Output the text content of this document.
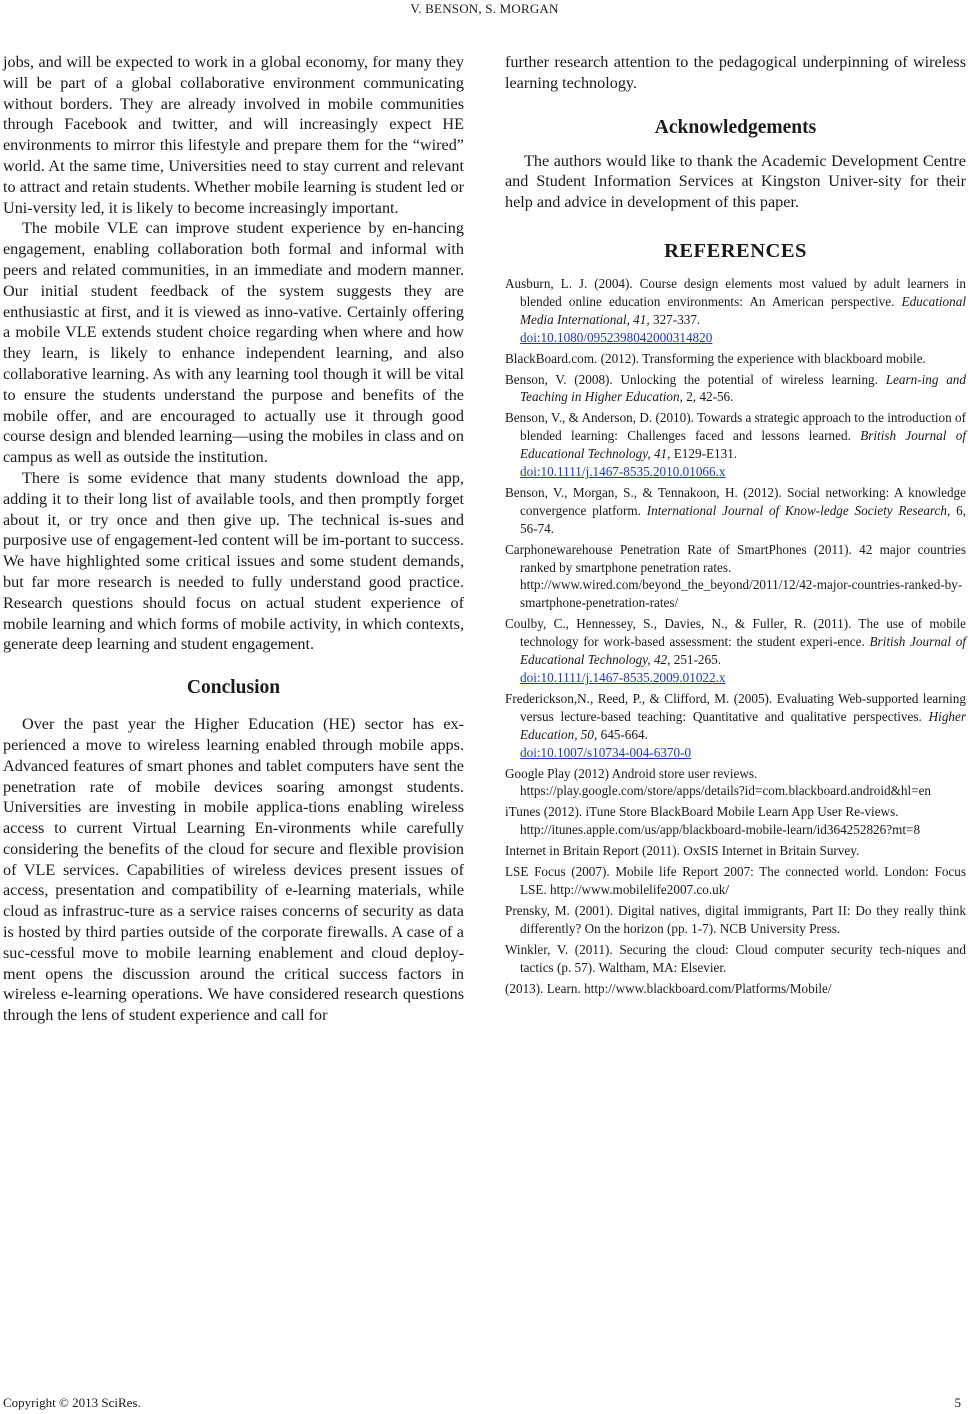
V. BENSON, S. MORGAN

jobs, and will be expected to work in a global economy, for many they will be part of a global collaborative environment communicating without borders. They are already involved in mobile communities through Facebook and twitter, and will increasingly expect HE environments to mirror this lifestyle and prepare them for the “wired” world. At the same time, Universities need to stay current and relevant to attract and retain students. Whether mobile learning is student led or Uni-versity led, it is likely to become increasingly important.

The mobile VLE can improve student experience by en-hancing engagement, enabling collaboration both formal and informal with peers and related communities, in an immediate and modern manner. Our initial student feedback of the system suggests they are enthusiastic at first, and it is viewed as inno-vative. Certainly offering a mobile VLE extends student choice regarding when where and how they learn, is likely to enhance independent learning, and also collaborative learning. As with any learning tool though it will be vital to ensure the students understand the purpose and benefits of the mobile offer, and are encouraged to actually use it through good course design and blended learning—using the mobiles in class and on campus as well as outside the institution.

There is some evidence that many students download the app, adding it to their long list of available tools, and then promptly forget about it, or try once and then give up. The technical is-sues and purposive use of engagement-led content will be im-portant to success. We have highlighted some critical issues and some student demands, but far more research is needed to fully understand good practice. Research questions should focus on actual student experience of mobile learning and which forms of mobile activity, in which contexts, generate deep learning and student engagement.

Conclusion

Over the past year the Higher Education (HE) sector has ex-perienced a move to wireless learning enabled through mobile apps. Advanced features of smart phones and tablet computers have sent the penetration rate of mobile devices soaring amongst students. Universities are investing in mobile applica-tions enabling wireless access to current Virtual Learning En-vironments while carefully considering the benefits of the cloud for secure and flexible provision of VLE services. Capabilities of wireless devices present issues of access, presentation and compatibility of e-learning materials, while cloud as infrastruc-ture as a service raises concerns of security as data is hosted by third parties outside of the corporate firewalls. A case of a suc-cessful move to mobile learning enablement and cloud deploy-ment opens the discussion around the critical success factors in wireless e-learning operations. We have considered research questions through the lens of student experience and call for

further research attention to the pedagogical underpinning of wireless learning technology.

Acknowledgements

The authors would like to thank the Academic Development Centre and Student Information Services at Kingston Univer-sity for their help and advice in development of this paper.

REFERENCES
Ausburn, L. J. (2004). Course design elements most valued by adult learners in blended online education environments: An American perspective. Educational Media International, 41, 327-337.
doi:10.1080/0952398042000314820
BlackBoard.com. (2012). Transforming the experience with blackboard mobile.
Benson, V. (2008). Unlocking the potential of wireless learning. Learn-ing and Teaching in Higher Education, 2, 42-56.
Benson, V., & Anderson, D. (2010). Towards a strategic approach to the introduction of blended learning: Challenges faced and lessons learned. British Journal of Educational Technology, 41, E129-E131.
doi:10.1111/j.1467-8535.2010.01066.x
Benson, V., Morgan, S., & Tennakoon, H. (2012). Social networking: A knowledge convergence platform. International Journal of Know-ledge Society Research, 6, 56-74.
Carphonewarehouse Penetration Rate of SmartPhones (2011). 42 major countries ranked by smartphone penetration rates.
http://www.wired.com/beyond_the_beyond/2011/12/42-major-countries-ranked-by-smartphone-penetration-rates/
Coulby, C., Hennessey, S., Davies, N., & Fuller, R. (2011). The use of mobile technology for work-based assessment: the student experi-ence. British Journal of Educational Technology, 42, 251-265.
doi:10.1111/j.1467-8535.2009.01022.x
Frederickson,N., Reed, P., & Clifford, M. (2005). Evaluating Web-supported learning versus lecture-based teaching: Quantitative and qualitative perspectives. Higher Education, 50, 645-664.
doi:10.1007/s10734-004-6370-0
Google Play (2012) Android store user reviews.
https://play.google.com/store/apps/details?id=com.blackboard.android&hl=en
iTunes (2012). iTune Store BlackBoard Mobile Learn App User Re-views.
http://itunes.apple.com/us/app/blackboard-mobile-learn/id364252826?mt=8
Internet in Britain Report (2011). OxSIS Internet in Britain Survey.
LSE Focus (2007). Mobile life Report 2007: The connected world. London: Focus LSE. http://www.mobilelife2007.co.uk/
Prensky, M. (2001). Digital natives, digital immigrants, Part II: Do they really think differently? On the horizon (pp. 1-7). NCB University Press.
Winkler, V. (2011). Securing the cloud: Cloud computer security tech-niques and tactics (p. 57). Waltham, MA: Elsevier.
(2013). Learn. http://www.blackboard.com/Platforms/Mobile/
Copyright © 2013 SciRes.	5
